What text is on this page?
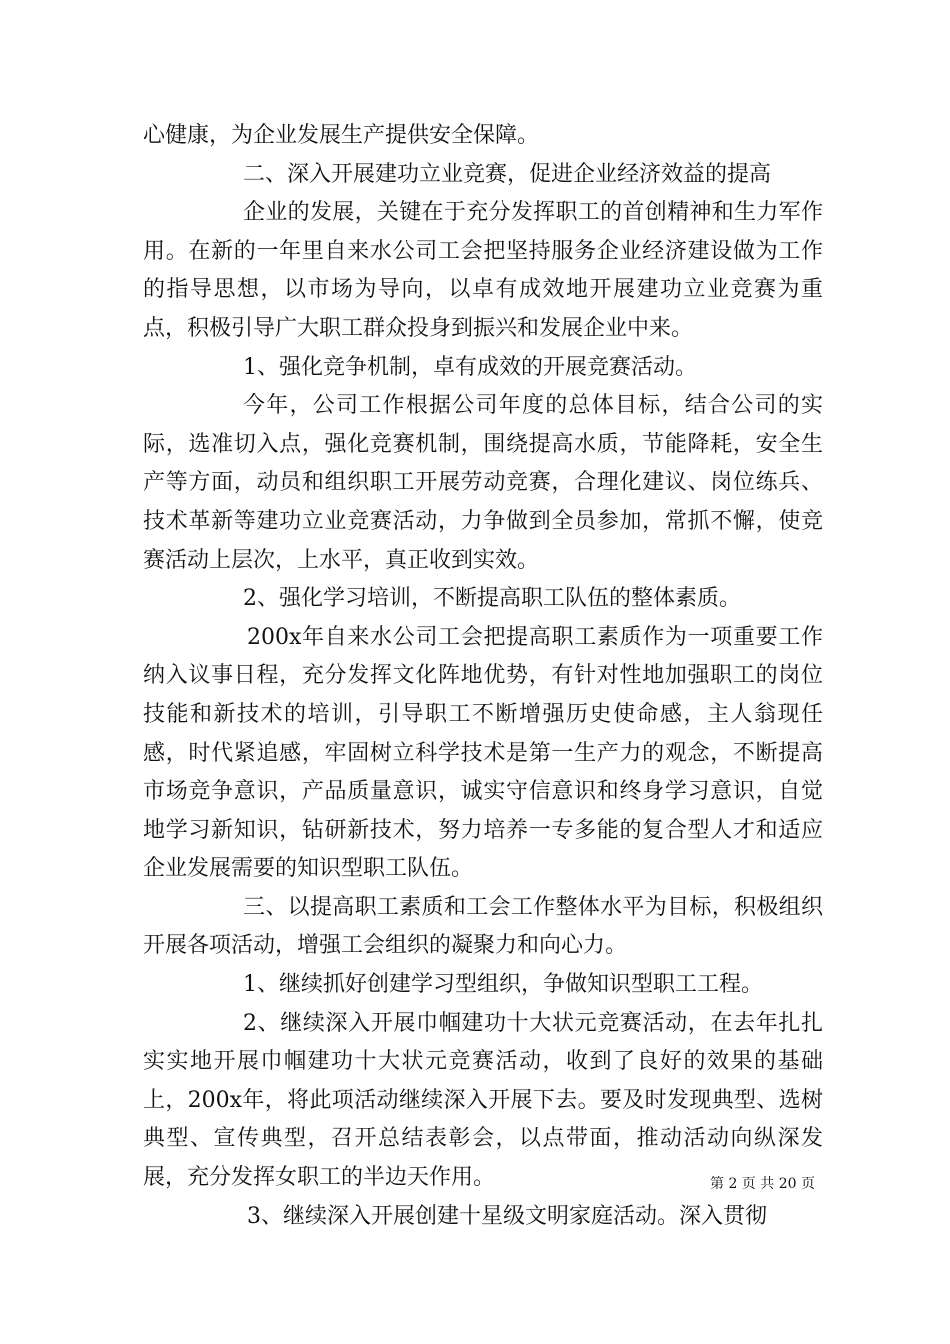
心健康，为企业发展生产提供安全保障。

二、深入开展建功立业竞赛，促进企业经济效益的提高

企业的发展，关键在于充分发挥职工的首创精神和生力军作用。在新的一年里自来水公司工会把坚持服务企业经济建设做为工作的指导思想，以市场为导向，以卓有成效地开展建功立业竞赛为重点，积极引导广大职工群众投身到振兴和发展企业中来。

1、强化竞争机制，卓有成效的开展竞赛活动。

今年，公司工作根据公司年度的总体目标，结合公司的实际，选准切入点，强化竞赛机制，围绕提高水质，节能降耗，安全生产等方面，动员和组织职工开展劳动竞赛，合理化建议、岗位练兵、技术革新等建功立业竞赛活动，力争做到全员参加，常抓不懈，使竞赛活动上层次，上水平，真正收到实效。

2、强化学习培训，不断提高职工队伍的整体素质。

200x年自来水公司工会把提高职工素质作为一项重要工作纳入议事日程，充分发挥文化阵地优势，有针对性地加强职工的岗位技能和新技术的培训，引导职工不断增强历史使命感，主人翁现任感，时代紧追感，牢固树立科学技术是第一生产力的观念，不断提高市场竞争意识，产品质量意识，诚实守信意识和终身学习意识，自觉地学习新知识，钻研新技术，努力培养一专多能的复合型人才和适应企业发展需要的知识型职工队伍。

三、以提高职工素质和工会工作整体水平为目标，积极组织开展各项活动，增强工会组织的凝聚力和向心力。

1、继续抓好创建学习型组织，争做知识型职工工程。

2、继续深入开展巾帼建功十大状元竞赛活动，在去年扎扎实实地开展巾帼建功十大状元竞赛活动，收到了良好的效果的基础上，200x年，将此项活动继续深入开展下去。要及时发现典型、选树典型、宣传典型，召开总结表彰会，以点带面，推动活动向纵深发展，充分发挥女职工的半边天作用。

3、继续深入开展创建十星级文明家庭活动。深入贯彻

第 2 页 共 20 页
